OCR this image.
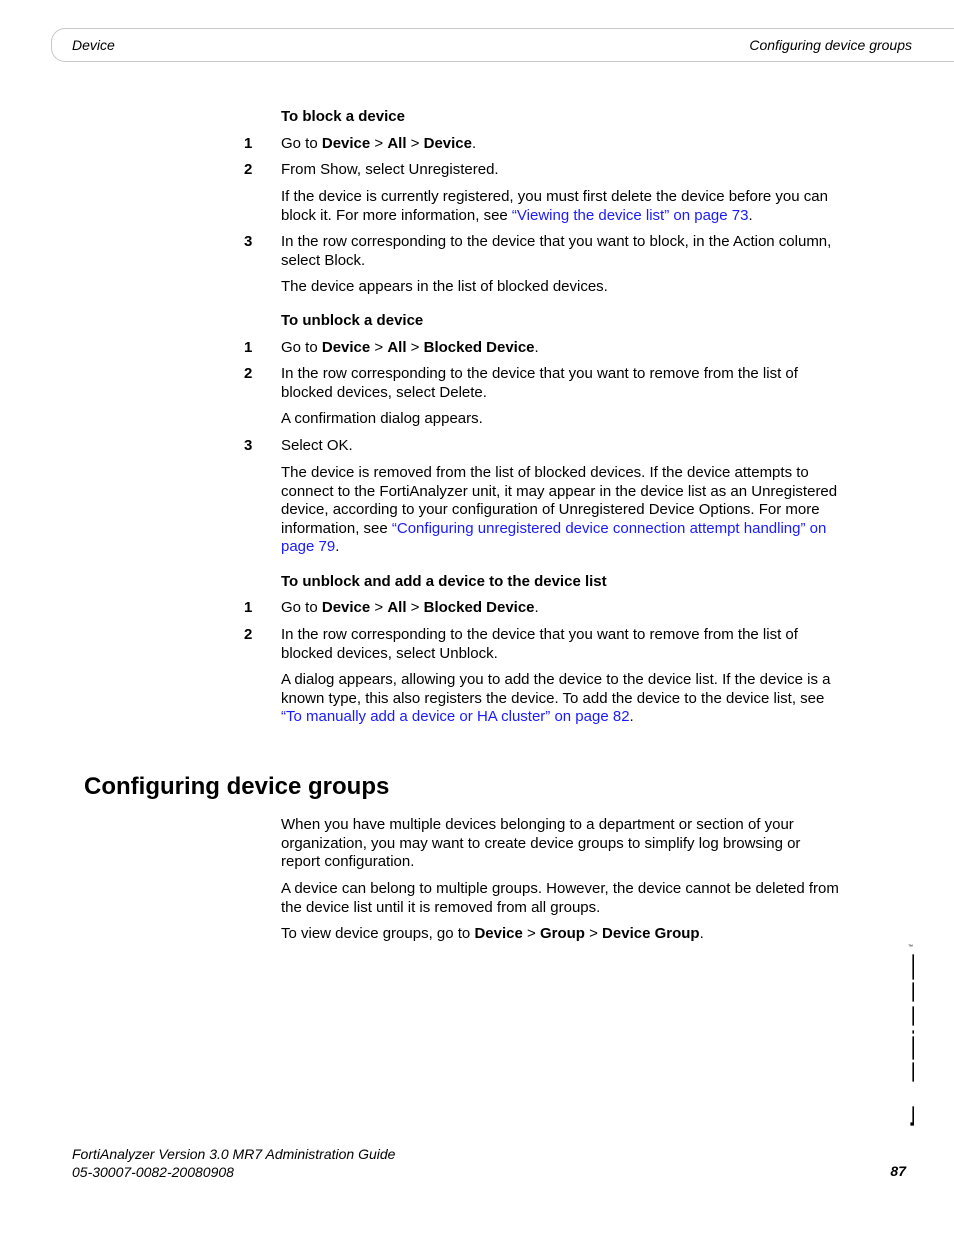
Device	Configuring device groups
To block a device
1 Go to Device > All > Device.
2 From Show, select Unregistered.
If the device is currently registered, you must first delete the device before you can block it. For more information, see “Viewing the device list” on page 73.
3 In the row corresponding to the device that you want to block, in the Action column, select Block.
The device appears in the list of blocked devices.
To unblock a device
1 Go to Device > All > Blocked Device.
2 In the row corresponding to the device that you want to remove from the list of blocked devices, select Delete.
A confirmation dialog appears.
3 Select OK.
The device is removed from the list of blocked devices. If the device attempts to connect to the FortiAnalyzer unit, it may appear in the device list as an Unregistered device, according to your configuration of Unregistered Device Options. For more information, see “Configuring unregistered device connection attempt handling” on page 79.
To unblock and add a device to the device list
1 Go to Device > All > Blocked Device.
2 In the row corresponding to the device that you want to remove from the list of blocked devices, select Unblock.
A dialog appears, allowing you to add the device to the device list. If the device is a known type, this also registers the device. To add the device to the device list, see “To manually add a device or HA cluster” on page 82.
Configuring device groups
When you have multiple devices belonging to a department or section of your organization, you may want to create device groups to simplify log browsing or report configuration.
A device can belong to multiple groups. However, the device cannot be deleted from the device list until it is removed from all groups.
To view device groups, go to Device > Group > Device Group.
™
FortiAnalyzer Version 3.0 MR7 Administration Guide
05-30007-0082-20080908	87
